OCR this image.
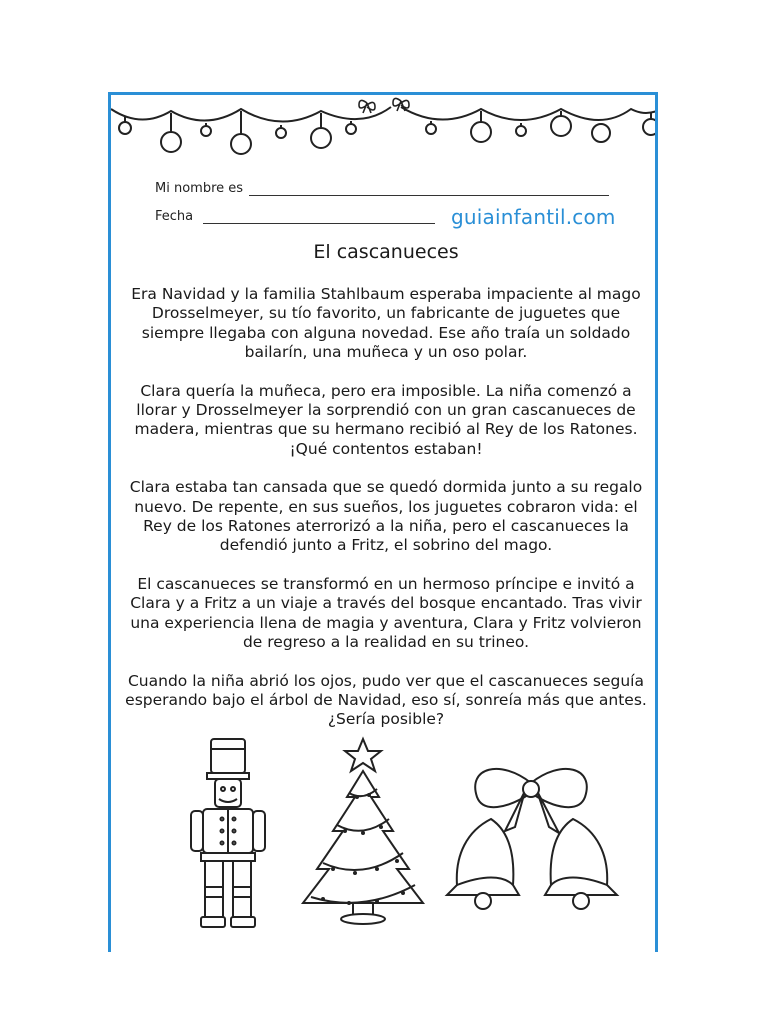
Mi nombre es
Fecha	guiainfantil.com
El cascanueces

Era Navidad y la familia Stahlbaum esperaba impaciente al mago Drosselmeyer, su tío favorito, un fabricante de juguetes que siempre llegaba con alguna novedad. Ese año traía un soldado bailarín, una muñeca y un oso polar.

Clara quería la muñeca, pero era imposible. La niña comenzó a llorar y Drosselmeyer la sorprendió con un gran cascanueces de madera, mientras que su hermano recibió al Rey de los Ratones. ¡Qué contentos estaban!

Clara estaba tan cansada que se quedó dormida junto a su regalo nuevo. De repente, en sus sueños, los juguetes cobraron vida: el Rey de los Ratones aterrorizó a la niña, pero el cascanueces la defendió junto a Fritz, el sobrino del mago.

El cascanueces se transformó en un hermoso príncipe e invitó a Clara y a Fritz a un viaje a través del bosque encantado. Tras vivir una experiencia llena de magia y aventura, Clara y Fritz volvieron de regreso a la realidad en su trineo.

Cuando la niña abrió los ojos, pudo ver que el cascanueces seguía esperando bajo el árbol de Navidad, eso sí, sonreía más que antes. ¿Sería posible?
